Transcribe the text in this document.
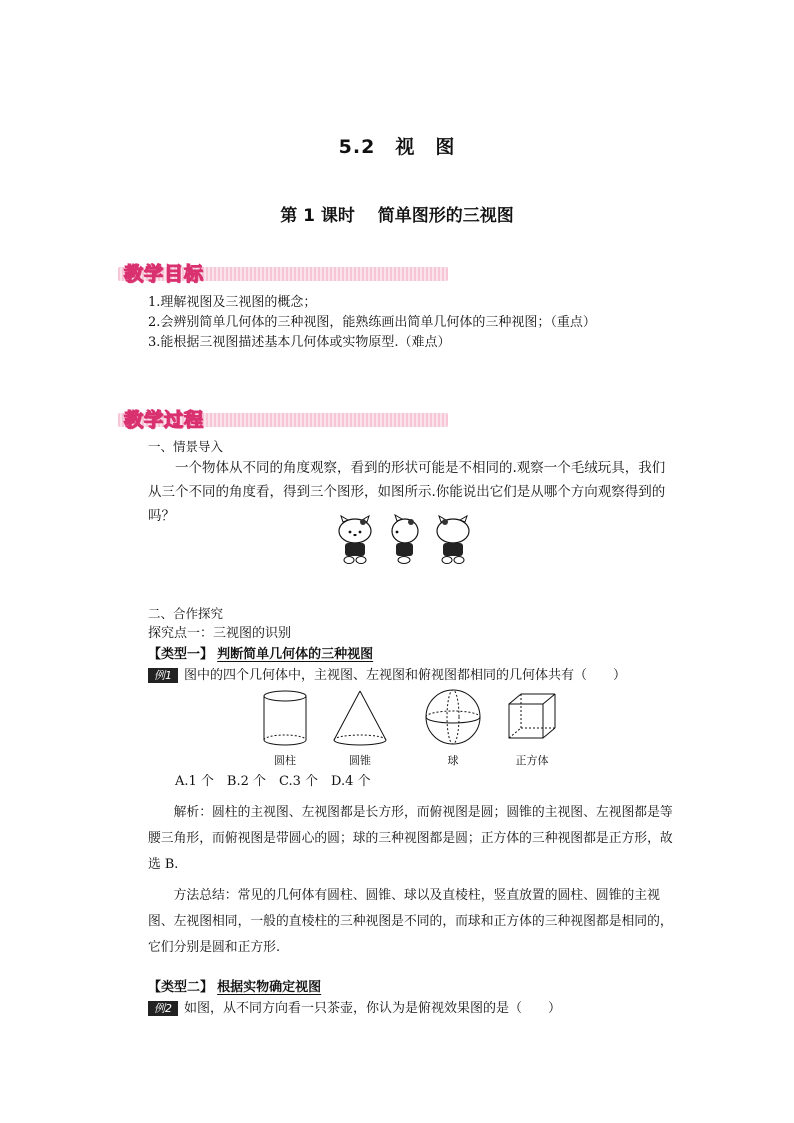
5.2　视　图
第 1 课时　 简单图形的三视图
教学目标
1.理解视图及三视图的概念；
2.会辨别简单几何体的三种视图，能熟练画出简单几何体的三种视图；（重点）
3.能根据三视图描述基本几何体或实物原型.（难点）
教学过程
一、情景导入
一个物体从不同的角度观察，看到的形状可能是不相同的.观察一个毛绒玩具，我们从三个不同的角度看，得到三个图形，如图所示.你能说出它们是从哪个方向观察得到的吗？
二、合作探究
探究点一：三视图的识别
【类型一】 判断简单几何体的三种视图
例1 图中的四个几何体中，主视图、左视图和俯视图都相同的几何体共有（　　）
圆柱	圆锥	球	正方体
A.1 个　B.2 个　C.3 个　D.4 个
解析：圆柱的主视图、左视图都是长方形，而俯视图是圆；圆锥的主视图、左视图都是等腰三角形，而俯视图是带圆心的圆；球的三种视图都是圆；正方体的三种视图都是正方形，故选 B.
方法总结：常见的几何体有圆柱、圆锥、球以及直棱柱，竖直放置的圆柱、圆锥的主视图、左视图相同，一般的直棱柱的三种视图是不同的，而球和正方体的三种视图都是相同的，它们分别是圆和正方形.
【类型二】 根据实物确定视图
例2 如图，从不同方向看一只茶壶，你认为是俯视效果图的是（　　）
